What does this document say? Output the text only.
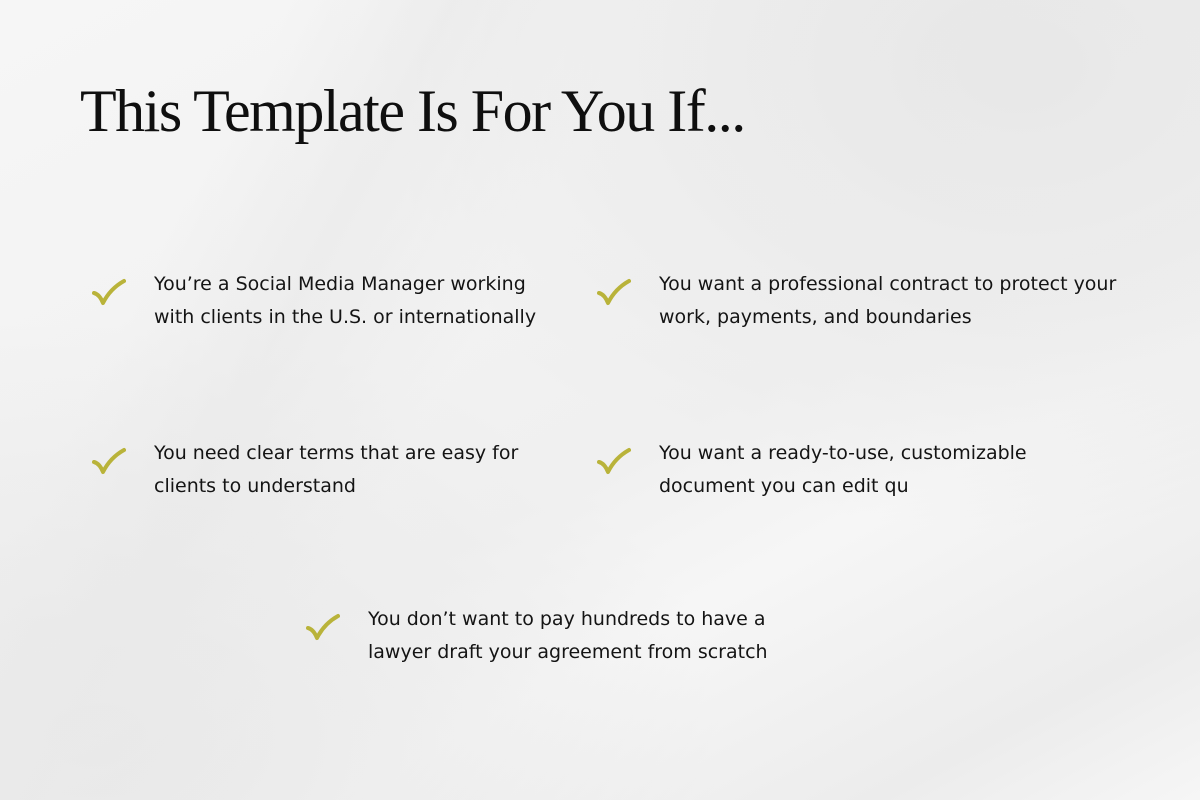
This Template Is For You If...
You’re a Social Media Manager working
with clients in the U.S. or internationally
You want a professional contract to protect your
work, payments, and boundaries
You need clear terms that are easy for
clients to understand
You want a ready-to-use, customizable
document you can edit qu
You don’t want to pay hundreds to have a
lawyer draft your agreement from scratch
